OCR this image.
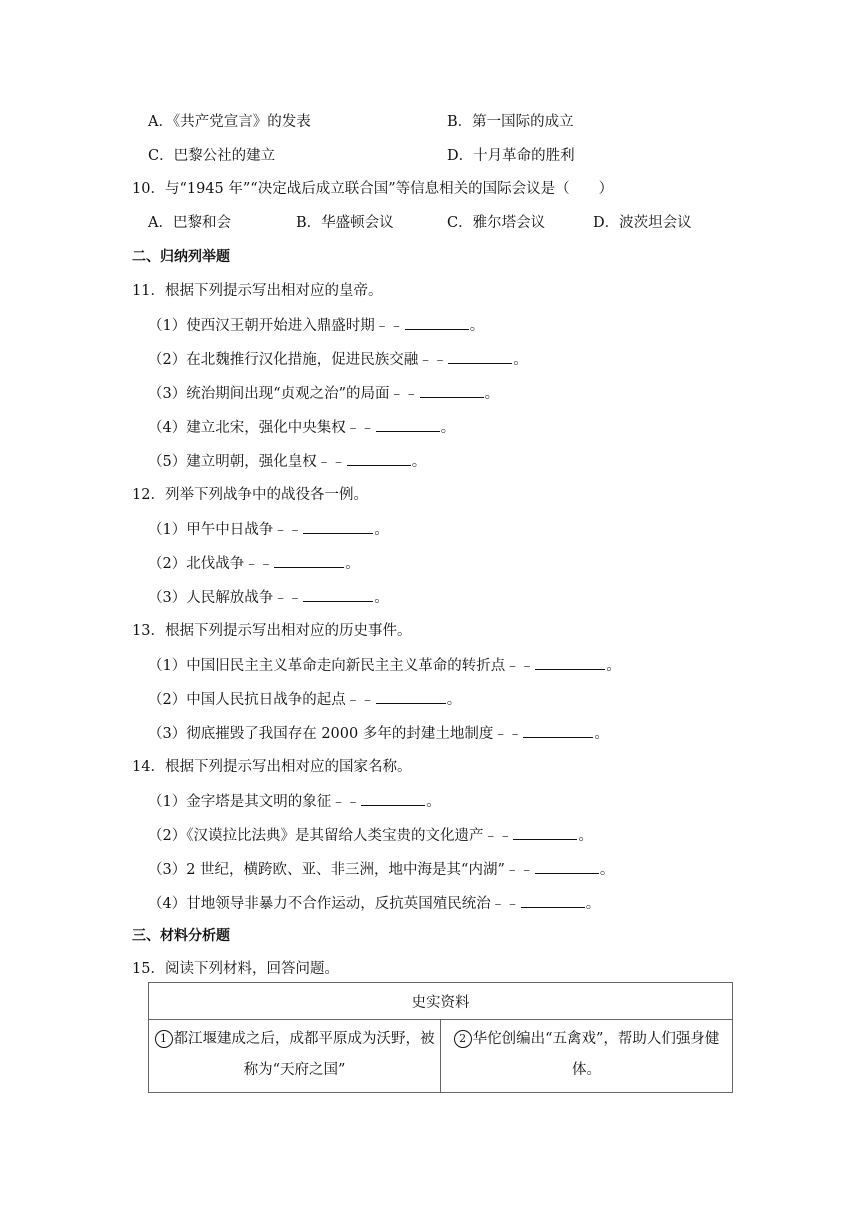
A．《共产党宣言》的发表	B．第一国际的成立
C．巴黎公社的建立	D．十月革命的胜利
10．与“1945 年”“决定战后成立联合国”等信息相关的国际会议是（　　）
A．巴黎和会	B．华盛顿会议	C．雅尔塔会议	D．波茨坦会议
二、归纳列举题
11．根据下列提示写出相对应的皇帝。
（1）使西汉王朝开始进入鼎盛时期﹣﹣	。
（2）在北魏推行汉化措施，促进民族交融﹣﹣	。
（3）统治期间出现“贞观之治”的局面﹣﹣	。
（4）建立北宋，强化中央集权﹣﹣	。
（5）建立明朝，强化皇权﹣﹣	。
12．列举下列战争中的战役各一例。
（1）甲午中日战争﹣﹣	。
（2）北伐战争﹣﹣	。
（3）人民解放战争﹣﹣	。
13．根据下列提示写出相对应的历史事件。
（1）中国旧民主主义革命走向新民主主义革命的转折点﹣﹣	。
（2）中国人民抗日战争的起点﹣﹣	。
（3）彻底摧毁了我国存在 2000 多年的封建土地制度﹣﹣	。
14．根据下列提示写出相对应的国家名称。
（1）金字塔是其文明的象征﹣﹣	。
（2）《汉谟拉比法典》是其留给人类宝贵的文化遗产﹣﹣	。
（3）2 世纪，横跨欧、亚、非三洲，地中海是其“内湖”﹣﹣	。
（4）甘地领导非暴力不合作运动，反抗英国殖民统治﹣﹣	。
三、材料分析题
15．阅读下列材料，回答问题。
史实资料
1 都江堰建成之后，成都平原成为沃野，被称为“天府之国”	2 华佗创编出“五禽戏”，帮助人们强身健体。
